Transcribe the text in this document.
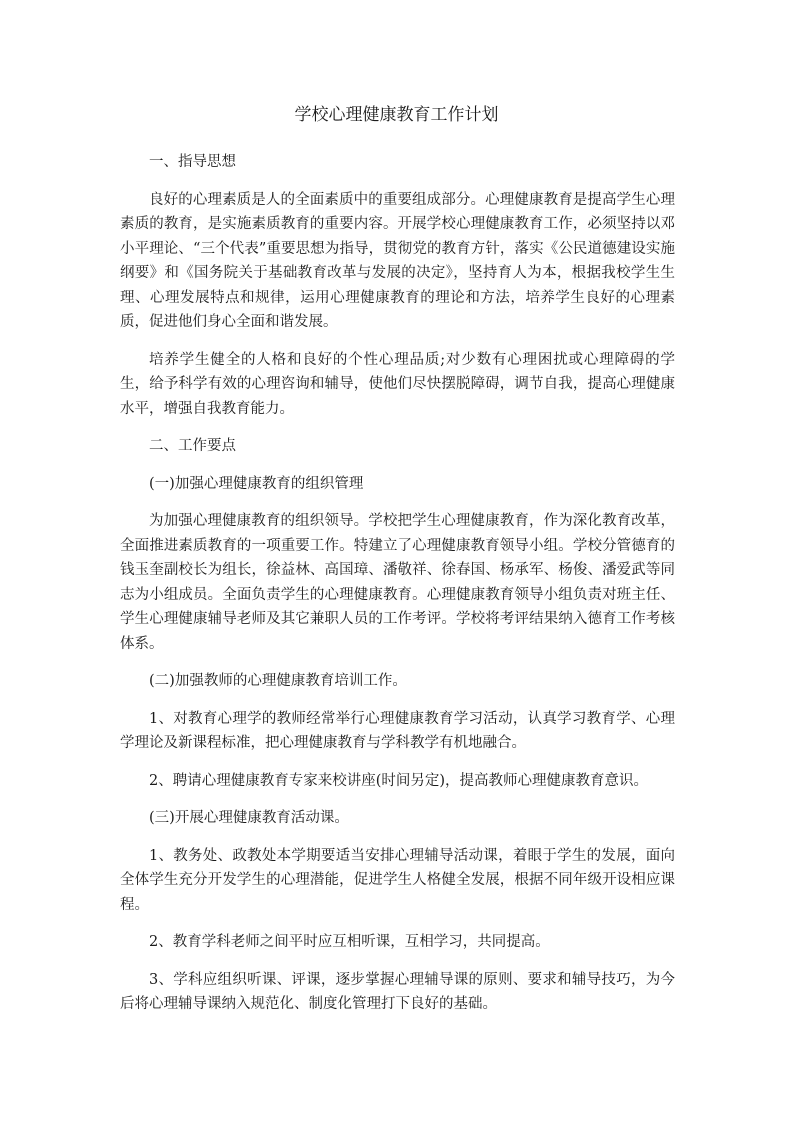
学校心理健康教育工作计划

一、指导思想

良好的心理素质是人的全面素质中的重要组成部分。心理健康教育是提高学生心理素质的教育，是实施素质教育的重要内容。开展学校心理健康教育工作，必须坚持以邓小平理论、“三个代表”重要思想为指导，贯彻党的教育方针，落实《公民道德建设实施纲要》和《国务院关于基础教育改革与发展的决定》，坚持育人为本，根据我校学生生理、心理发展特点和规律，运用心理健康教育的理论和方法，培养学生良好的心理素质，促进他们身心全面和谐发展。

培养学生健全的人格和良好的个性心理品质;对少数有心理困扰或心理障碍的学生，给予科学有效的心理咨询和辅导，使他们尽快摆脱障碍，调节自我，提高心理健康水平，增强自我教育能力。

二、工作要点

(一)加强心理健康教育的组织管理

为加强心理健康教育的组织领导。学校把学生心理健康教育，作为深化教育改革，全面推进素质教育的一项重要工作。特建立了心理健康教育领导小组。学校分管德育的钱玉奎副校长为组长，徐益林、高国璋、潘敬祥、徐春国、杨承军、杨俊、潘爱武等同志为小组成员。全面负责学生的心理健康教育。心理健康教育领导小组负责对班主任、学生心理健康辅导老师及其它兼职人员的工作考评。学校将考评结果纳入德育工作考核体系。

(二)加强教师的心理健康教育培训工作。

1、对教育心理学的教师经常举行心理健康教育学习活动，认真学习教育学、心理学理论及新课程标准，把心理健康教育与学科教学有机地融合。

2、聘请心理健康教育专家来校讲座(时间另定)，提高教师心理健康教育意识。

(三)开展心理健康教育活动课。

1、教务处、政教处本学期要适当安排心理辅导活动课，着眼于学生的发展，面向全体学生充分开发学生的心理潜能，促进学生人格健全发展，根据不同年级开设相应课程。

2、教育学科老师之间平时应互相听课，互相学习，共同提高。

3、学科应组织听课、评课，逐步掌握心理辅导课的原则、要求和辅导技巧，为今后将心理辅导课纳入规范化、制度化管理打下良好的基础。
